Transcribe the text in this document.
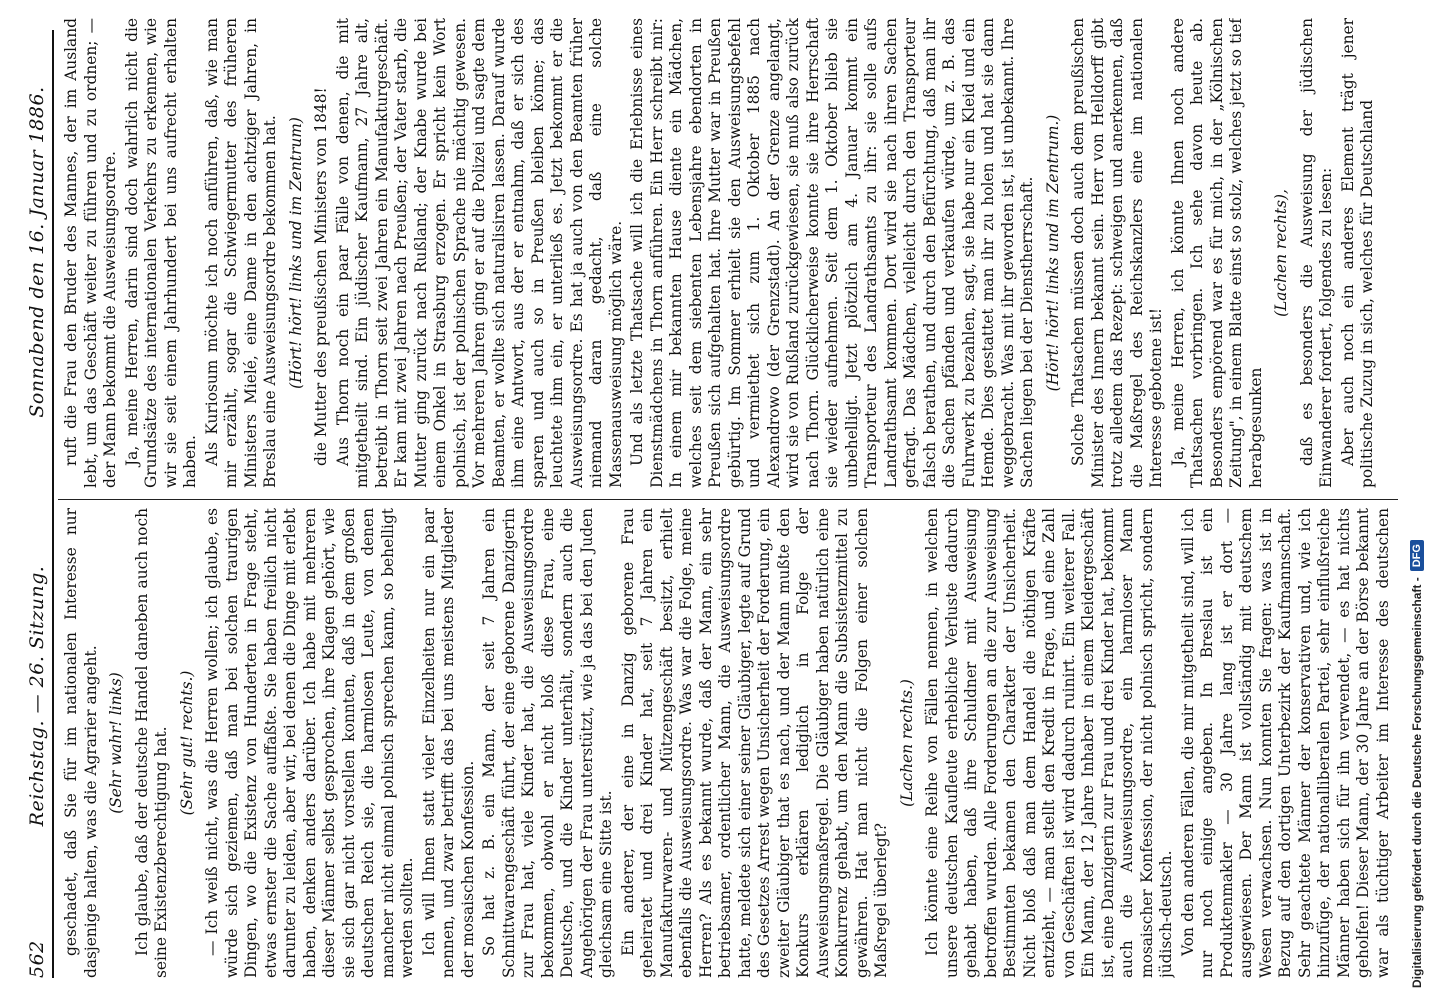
562
Reichstag. — 26. Sitzung.
Sonnabend den 16. Januar 1886.

geschadet, daß Sie für im nationalen Interesse nur dasjenige halten, was die Agrarier angeht. (Sehr wahr! links) Ich glaube, daß der deutsche Handel daneben auch noch seine Existenzberechtigung hat. (Sehr gut! rechts.) — Ich weiß nicht, was die Herren wollen; ich glaube, es würde sich geziemen, daß man bei solchen traurigen Dingen, wo die Existenz von Hunderten in Frage steht, etwas ernster die Sache auffaßte. Sie haben freilich nicht darunter zu leiden, aber wir, bei denen die Dinge mit erlebt haben, denken anders darüber. Ich habe mit mehreren dieser Männer selbst gesprochen, ihre Klagen gehört, wie sie sich gar nicht vorstellen konnten, daß in dem großen deutschen Reich sie, die harmlosen Leute, von denen mancher nicht einmal polnisch sprechen kann, so behelligt werden sollten. Ich will Ihnen statt vieler Einzelheiten nur ein paar nennen, und zwar betrifft das bei uns meistens Mitglieder der mosaischen Konfession. So hat z. B. ein Mann, der seit 7 Jahren ein Schnittwarengeschäft führt, der eine geborene Danzigerin zur Frau hat, viele Kinder hat, die Ausweisungsordre bekommen, obwohl er nicht bloß diese Frau, eine Deutsche, und die Kinder unterhält, sondern auch die Angehörigen der Frau unterstützt, wie ja das bei den Juden gleichsam eine Sitte ist. Ein anderer, der eine in Danzig geborene Frau geheiratet und drei Kinder hat, seit 7 Jahren ein Manufakturwaren- und Mützengeschäft besitzt, erhielt ebenfalls die Ausweisungsordre. Was war die Folge, meine Herren? Als es bekannt wurde, daß der Mann, ein sehr betriebsamer, ordentlicher Mann, die Ausweisungsordre hatte, meldete sich einer seiner Gläubiger, legte auf Grund des Gesetzes Arrest wegen Unsicherheit der Forderung, ein zweiter Gläubiger that es nach, und der Mann mußte den Konkurs erklären lediglich in Folge der Ausweisungsmaßregel. Die Gläubiger haben natürlich eine Konkurrenz gehabt, um den Mann die Subsistenzmittel zu gewähren. Hat man nicht die Folgen einer solchen Maßregel überlegt?

(Lachen rechts.) Ich könnte eine Reihe von Fällen nennen, in welchen unsere deutschen Kaufleute erhebliche Verluste dadurch gehabt haben, daß ihre Schuldner mit Ausweisung betroffen wurden. Alle Forderungen an die zur Ausweisung Bestimmten bekamen den Charakter der Unsicherheit. Nicht bloß daß man dem Handel die nöthigen Kräfte entzieht, — man stellt den Kredit in Frage, und eine Zahl von Geschäften ist wird dadurch ruinirt. Ein weiterer Fall. Ein Mann, der 12 Jahre Inhaber in einem Kleidergeschäft ist, eine Danzigerin zur Frau und drei Kinder hat, bekommt auch die Ausweisungsordre, ein harmloser Mann mosaischer Konfession, der nicht polnisch spricht, sondern jüdisch-deutsch. Von den anderen Fällen, die mir mitgetheilt sind, will ich nur noch einige angeben. In Breslau ist ein Produktenmakler — 30 Jahre lang ist er dort — ausgewiesen. Der Mann ist vollständig mit deutschem Wesen verwachsen. Nun konnten Sie fragen: was ist in Bezug auf den dortigen Unterbezirk der Kaufmannschaft. Sehr geachtete Männer der konservativen und, wie ich hinzufüge, der nationalliberalen Partei, sehr einflußreiche Männer haben sich für ihn verwendet, — es hat nichts geholfen! Dieser Mann, der 30 Jahre an der Börse bekannt war als tüchtiger Arbeiter im Interesse des deutschen

ruft die Frau den Bruder des Mannes, der im Ausland lebt, um das Geschäft weiter zu führen und zu ordnen; — der Mann bekommt die Ausweisungsordre. Ja, meine Herren, darin sind doch wahrlich nicht die Grundsätze des internationalen Verkehrs zu erkennen, wie wir sie seit einem Jahrhundert bei uns aufrecht erhalten haben. Als Kuriosum möchte ich noch anführen, daß, wie man mir erzählt, sogar die Schwiegermutter des früheren Ministers Mielé, eine Dame in den achtziger Jahren, in Breslau eine Ausweisungsordre bekommen hat. (Hört! hört! links und im Zentrum) die Mutter des preußischen Ministers von 1848! Aus Thorn noch ein paar Fälle von denen, die mit mitgetheilt sind. Ein jüdischer Kaufmann, 27 Jahre alt, betreibt in Thorn seit zwei Jahren ein Manufakturgeschäft. Er kam mit zwei Jahren nach Preußen; der Vater starb, die Mutter ging zurück nach Rußland; der Knabe wurde bei einem Onkel in Strasburg erzogen. Er spricht kein Wort polnisch, ist der polnischen Sprache nie mächtig gewesen. Vor mehreren Jahren ging er auf die Polizei und sagte dem Beamten, er wollte sich naturalisiren lassen. Darauf wurde ihm eine Antwort, aus der er entnahm, daß er sich des sparen und auch so in Preußen bleiben könne; das leuchtete ihm ein, er unterließ es. Jetzt bekommt er die Ausweisungsordre. Es hat ja auch von den Beamten früher niemand daran gedacht, daß eine solche Massenausweisung möglich wäre. Und als letzte Thatsache will ich die Erlebnisse eines Dienstmädchens in Thorn anführen. Ein Herr schreibt mir: In einem mir bekannten Hause diente ein Mädchen, welches seit dem siebenten Lebensjahre ebendorten in Preußen sich aufgehalten hat. Ihre Mutter war in Preußen gebürtig. Im Sommer erhielt sie den Ausweisungsbefehl und vermiethet sich zum 1. Oktober 1885 nach Alexandrowo (der Grenzstadt). An der Grenze angelangt, wird sie von Rußland zurückgewiesen, sie muß also zurück nach Thorn. Glücklicherweise konnte sie ihre Herrschaft sie wieder aufnehmen. Seit dem 1. Oktober blieb sie unbehelligt. Jetzt plötzlich am 4. Januar kommt ein Transporteur des Landrathsamts zu ihr: sie solle aufs Landrathsamt kommen. Dort wird sie nach ihren Sachen gefragt. Das Mädchen, vielleicht durch den Transporteur falsch berathen, und durch den Befürchtung, daß man ihr die Sachen pfänden und verkaufen würde, um z. B. das Fuhrwerk zu bezahlen, sagt, sie habe nur ein Kleid und ein Hemde. Dies gestattet man ihr zu holen und hat sie dann weggebracht. Was mit ihr geworden ist, ist unbekannt. Ihre Sachen liegen bei der Dienstherrschaft. (Hört! hört! links und im Zentrum.) Solche Thatsachen müssen doch auch dem preußischen Minister des Innern bekannt sein. Herr von Helldorff gibt trotz alledem das Rezept: schweigen und anerkennen, daß die Maßregel des Reichskanzlers eine im nationalen Interesse gebotene ist! Ja, meine Herren, ich könnte Ihnen noch andere Thatsachen vorbringen. Ich sehe davon heute ab. Besonders empörend war es für mich, in der „Kölnischen Zeitung", in einem Blatte einst so stolz, welches jetzt so tief herabgesunken

(Lachen rechts), daß es besonders die Ausweisung der jüdischen Einwanderer fordert, folgendes zu lesen: Aber auch noch ein anderes Element trägt jener politische Zuzug in sich, welches für Deutschland

Digitalisierung gefördert durch die Deutsche Forschungsgemeinschaft -
DFG
